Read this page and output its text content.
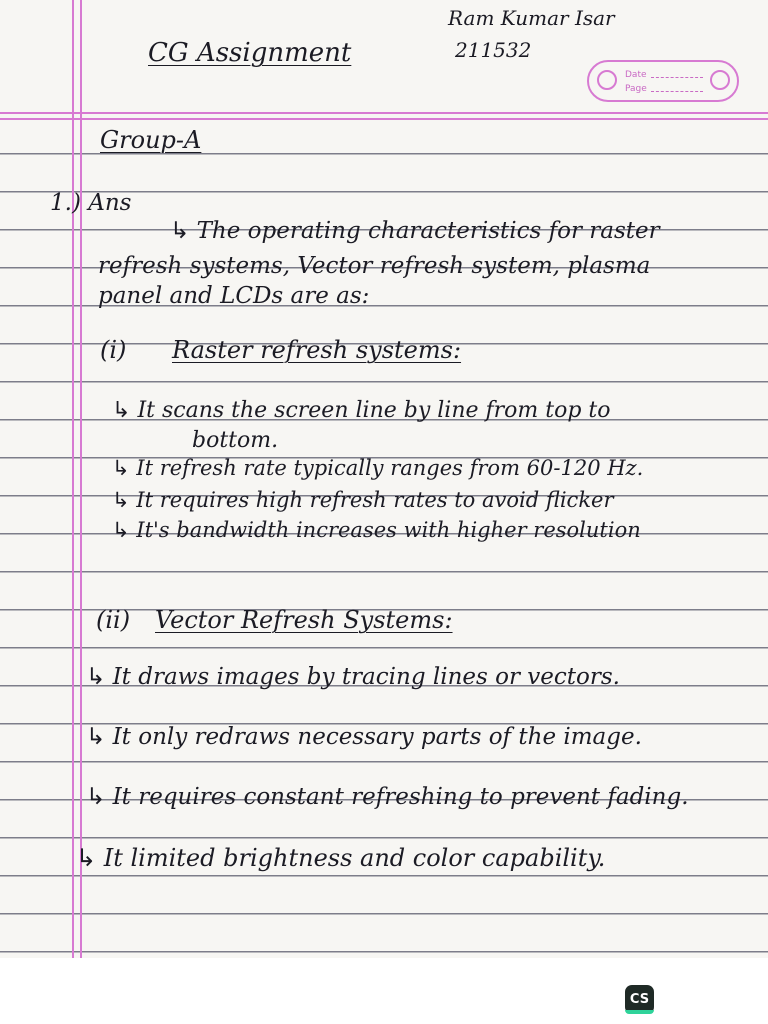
CG Assignment
Ram Kumar Isar
211532
Date
Page
Group-A
1.) Ans
↳ The operating characteristics for raster
refresh systems, Vector refresh system, plasma
panel and LCDs are as:
(i) Raster refresh systems:
↳ It scans the screen line by line from top to
bottom.
↳ It refresh rate typically ranges from 60-120 Hz.
↳ It requires high refresh rates to avoid flicker
↳ It's bandwidth increases with higher resolution
(ii) Vector Refresh Systems:
↳ It draws images by tracing lines or vectors.
↳ It only redraws necessary parts of the image.
↳ It requires constant refreshing to prevent fading.
↳ It limited brightness and color capability.
CS
